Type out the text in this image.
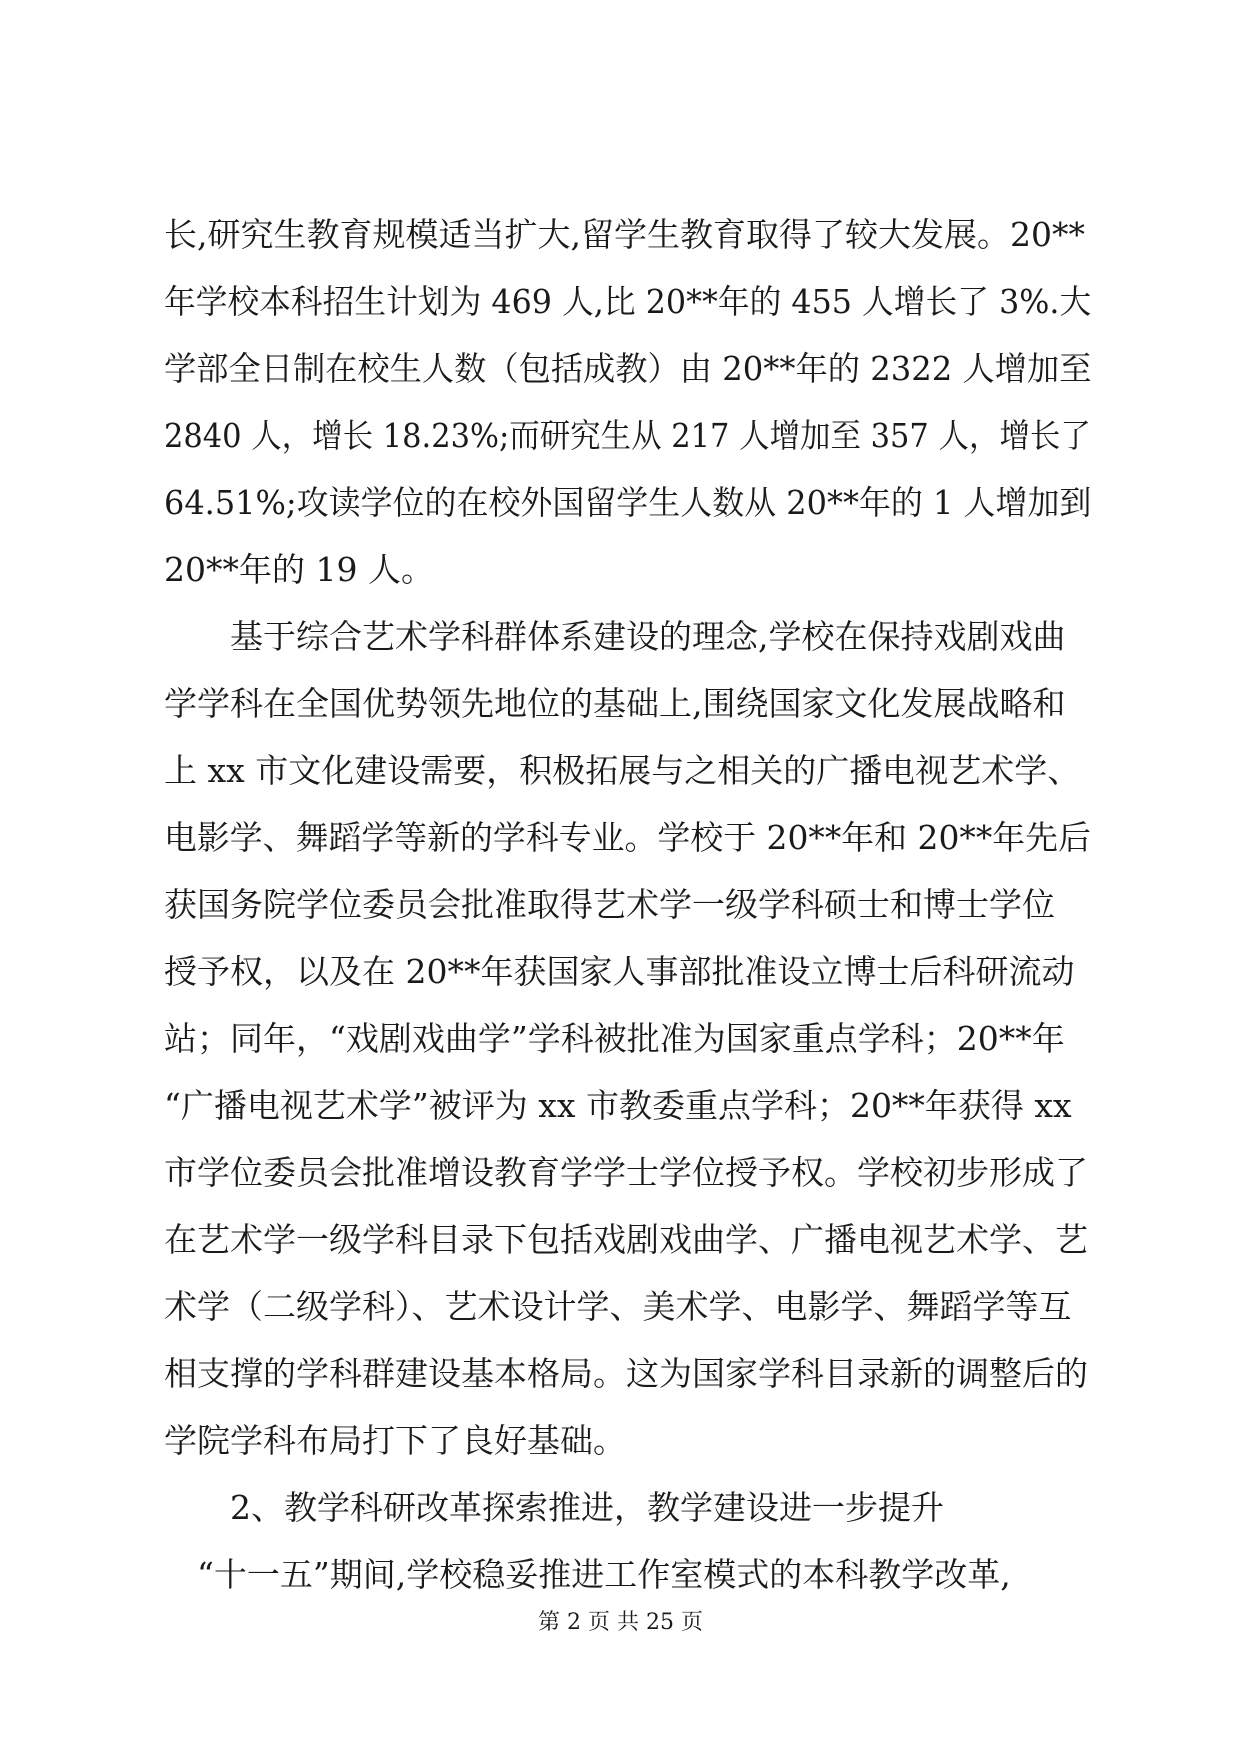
长,研究生教育规模适当扩大,留学生教育取得了较大发展。20**
年学校本科招生计划为 469 人,比 20**年的 455 人增长了 3%.大
学部全日制在校生人数（包括成教）由 20**年的 2322 人增加至
2840 人，增长 18.23%;而研究生从 217 人增加至 357 人，增长了
64.51%;攻读学位的在校外国留学生人数从 20**年的 1 人增加到
20**年的 19 人。
　　基于综合艺术学科群体系建设的理念,学校在保持戏剧戏曲
学学科在全国优势领先地位的基础上,围绕国家文化发展战略和
上 xx 市文化建设需要，积极拓展与之相关的广播电视艺术学、
电影学、舞蹈学等新的学科专业。学校于 20**年和 20**年先后
获国务院学位委员会批准取得艺术学一级学科硕士和博士学位
授予权，以及在 20**年获国家人事部批准设立博士后科研流动
站；同年，“戏剧戏曲学”学科被批准为国家重点学科；20**年
“广播电视艺术学”被评为 xx 市教委重点学科；20**年获得 xx
市学位委员会批准增设教育学学士学位授予权。学校初步形成了
在艺术学一级学科目录下包括戏剧戏曲学、广播电视艺术学、艺
术学（二级学科）、艺术设计学、美术学、电影学、舞蹈学等互
相支撑的学科群建设基本格局。这为国家学科目录新的调整后的
学院学科布局打下了良好基础。
　　2、教学科研改革探索推进，教学建设进一步提升
　“十一五”期间,学校稳妥推进工作室模式的本科教学改革,
第 2 页 共 25 页
